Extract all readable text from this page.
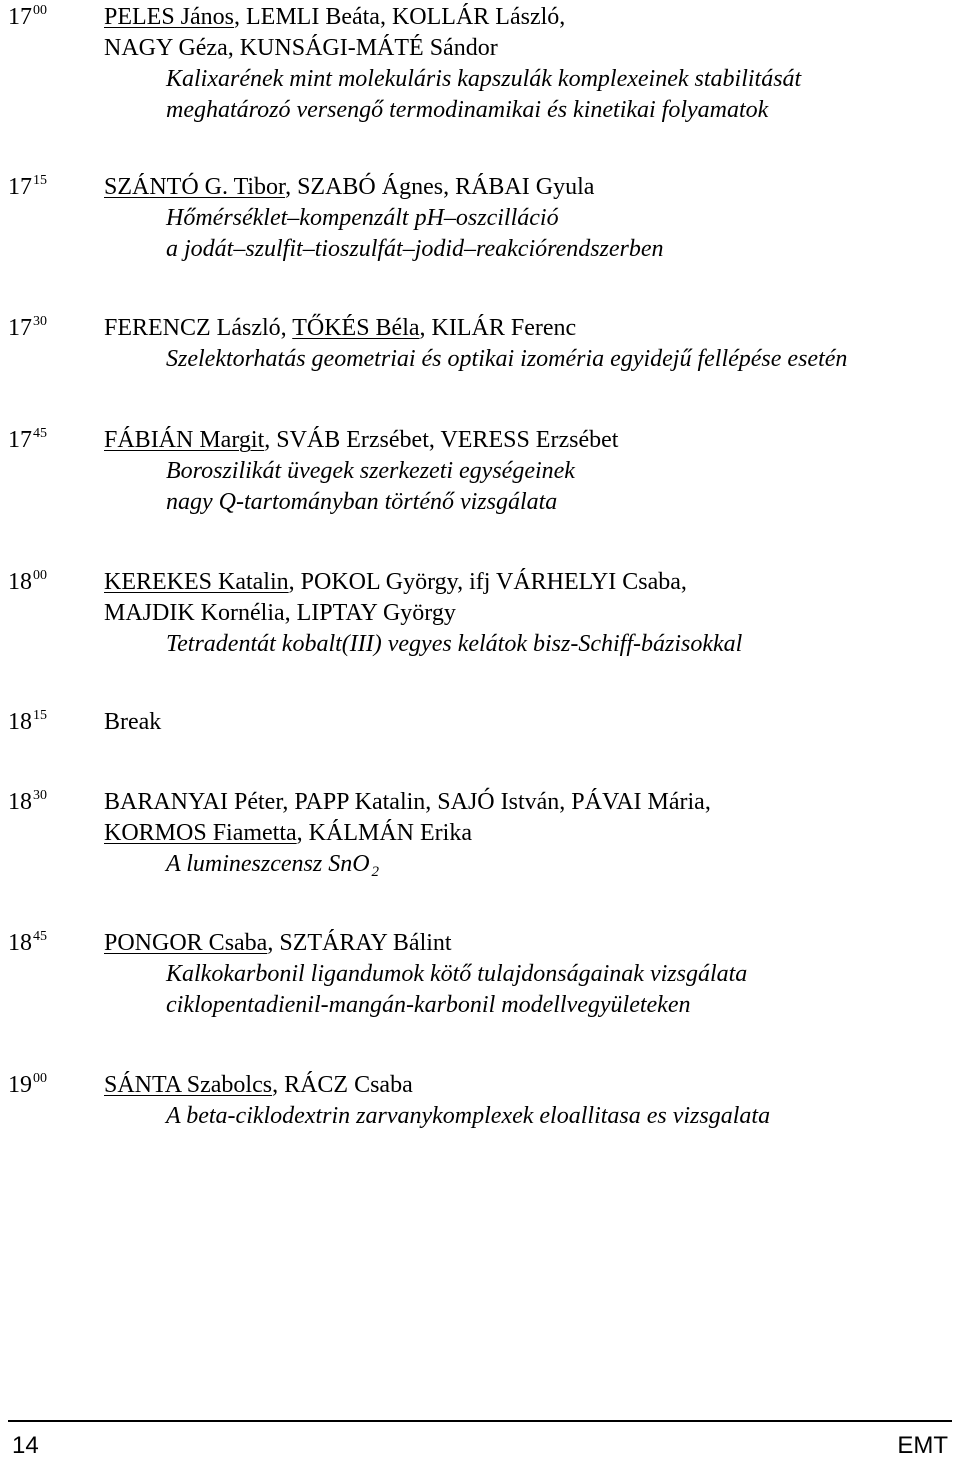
$17^{00}$ PELES János, LEMLI Beáta, KOLLÁR László,
NAGY Géza, KUNSÁGI-MÁTÉ Sándor
Kalixarének mint molekuláris kapszulák komplexeinek stabilitását
meghatározó versengő termodinamikai és kinetikai folyamatok
$17^{15}$ SZÁNTÓ G. Tibor, SZABÓ Ágnes, RÁBAI Gyula
Hőmérséklet–kompenzált pH–oszcilláció
a jodát–szulfit–tioszulfát–jodid–reakciórendszerben
$17^{30}$ FERENCZ László, TŐKÉS Béla, KILÁR Ferenc
Szelektorhatás geometriai és optikai izoméria egyidejű fellépése esetén
$17^{45}$ FÁBIÁN Margit, SVÁB Erzsébet, VERESS Erzsébet
Boroszilikát üvegek szerkezeti egységeinek
nagy Q-tartományban történő vizsgálata
$18^{00}$ KEREKES Katalin, POKOL György, ifj VÁRHELYI Csaba,
MAJDIK Kornélia, LIPTAY György
Tetradentát kobalt(III) vegyes kelátok bisz-Schiff-bázisokkal
$18^{15}$ Break
$18^{30}$ BARANYAI Péter, PAPP Katalin, SAJÓ István, PÁVAI Mária,
KORMOS Fiametta, KÁLMÁN Erika
A lumineszcensz SnO $_2$
$18^{45}$ PONGOR Csaba, SZTÁRAY Bálint
Kalkokarbonil ligandumok kötő tulajdonságainak vizsgálata
ciklopentadienil-mangán-karbonil modellvegyületeken
$19^{00}$ SÁNTA Szabolcs, RÁCZ Csaba
A beta-ciklodextrin zarvanykomplexek eloallitasa es vizsgalata
14	EMT
